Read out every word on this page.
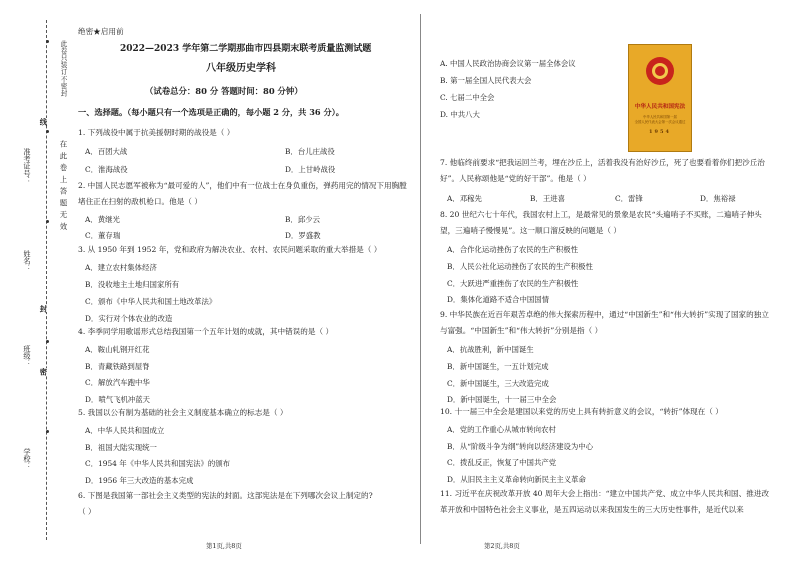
线
封
密
准考证号：
姓名：
班级：
学校：
在 此 卷 上 答 题 无 效
此卷只装订不密封
绝密★启用前
2022—2023 学年第二学期那曲市四县期末联考质量监测试题
八年级历史学科
（试卷总分：80 分 答题时间：80 分钟）
一、选择题。（每小题只有一个选项是正确的，每小题 2 分，共 36 分）。
1. 下列战役中属于抗美援朝时期的战役是（ ）
A．百团大战	B．台儿庄战役
C．淮海战役	D．上甘岭战役
2. 中国人民志愿军被称为“最可爱的人”，他们中有一位战士在身负重伤，弹药用完的情况下用胸膛堵住正在扫射的敌机枪口。他是（ ）
A．黄继光	B．邱少云
C．董存瑞	D．罗盛教
3. 从 1950 年到 1952 年，党和政府为解决农业、农村、农民问题采取的重大举措是（ ）
A．建立农村集体经济
B．没收地主土地归国家所有
C．颁布《中华人民共和国土地改革法》
D．实行对个体农业的改造
4. 李季同学用歌谣形式总结我国第一个五年计划的成就，其中错误的是（ ）
A．鞍山轧钢开红花
B．青藏铁路到屋脊
C．解放汽车跑中华
D．喷气飞机冲蓝天
5. 我国以公有制为基础的社会主义制度基本确立的标志是（ ）
A．中华人民共和国成立
B．祖国大陆实现统一
C．1954 年《中华人民共和国宪法》的颁布
D．1956 年三大改造的基本完成
6. 下图是我国第一部社会主义类型的宪法的封面。这部宪法是在下列哪次会议上制定的?
（ ）
第1页,共8页
A. 中国人民政治协商会议第一届全体会议
B. 第一届全国人民代表大会
C. 七届二中全会
D. 中共八大
中华人民共和国宪法
中华人民共和国第一届
全国人民代表大会第一次会议通过
1954
7. 他临终前要求“把我运回兰考，埋在沙丘上，活着我没有治好沙丘，死了也要看着你们把沙丘治好”。人民称颂他是“党的好干部”。他是（ ）
A．邓稼先	B．王进喜	C．雷锋	D．焦裕禄
8. 20 世纪六七十年代，我国农村上工，是最常见的景象是农民“头遍哨子不买账，二遍哨子伸头望，三遍哨子慢慢晃”。这一顺口溜反映的问题是（ ）
A．合作化运动挫伤了农民的生产积极性
B．人民公社化运动挫伤了农民的生产积极性
C．大跃进严重挫伤了农民的生产积极性
D．集体化道路不适合中国国情
9. 中华民族在近百年艰苦卓绝的伟大探索历程中，通过“中国新生”和“伟大转折”实现了国家的独立与富强。“中国新生”和“伟大转折”分别是指（ ）
A．抗战胜利，新中国诞生
B．新中国诞生，一五计划完成
C．新中国诞生，三大改造完成
D．新中国诞生，十一届三中全会
10. 十一届三中全会是建国以来党的历史上具有转折意义的会议，“转折”体现在（ ）
A．党的工作重心从城市转向农村
B．从“阶级斗争为纲”转向以经济建设为中心
C．拨乱反正，恢复了中国共产党
D．从旧民主主义革命转向新民主主义革命
11. 习近平在庆祝改革开放 40 周年大会上指出：“建立中国共产党、成立中华人民共和国、推进改革开放和中国特色社会主义事业，是五四运动以来我国发生的三大历史性事件，是近代以来
第2页,共8页
